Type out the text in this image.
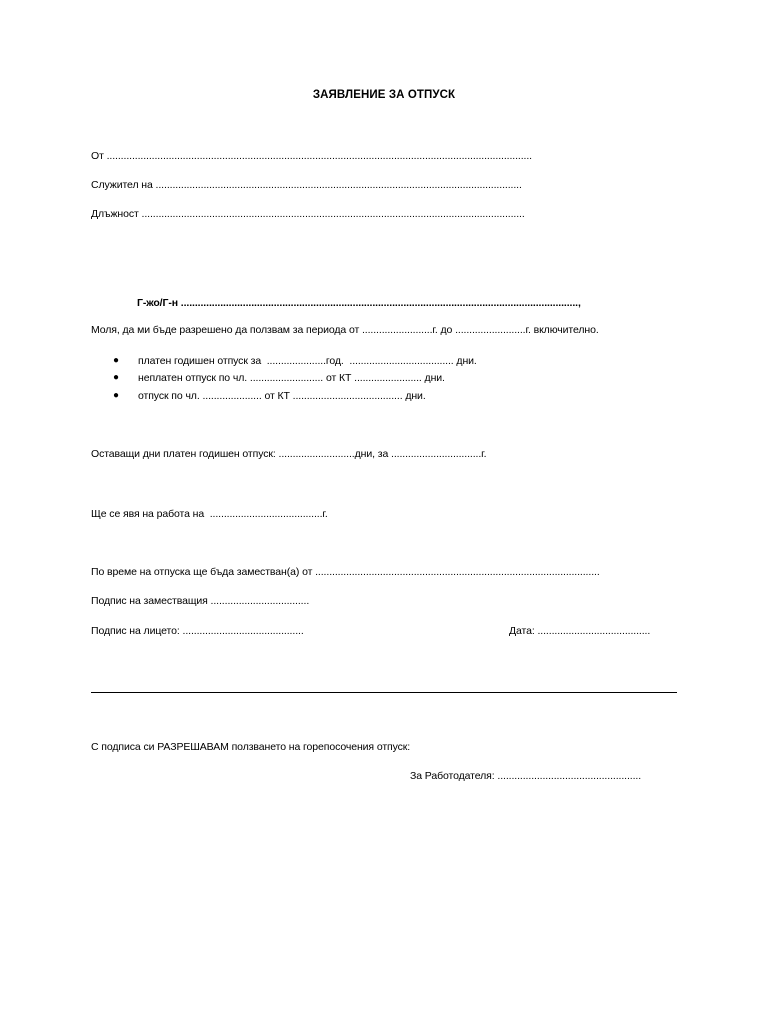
ЗАЯВЛЕНИЕ ЗА ОТПУСК
От .......................................................................................................................................................
Служител на ..................................................................................................................................
Длъжност ........................................................................................................................................
Г-жо/Г-н .............................................................................................................................................,
Моля, да ми бъде разрешено да ползвам за периода от .........................г. до .........................г. включително.
● платен годишен отпуск за  .....................год.  ..................................... дни.
● неплатен отпуск по чл. .......................... от КТ ........................ дни.
● отпуск по чл. ..................... от КТ ....................................... дни.
Оставащи дни платен годишен отпуск: ...........................дни, за ................................г.
Ще се явя на работа на  ........................................г.
По време на отпуска ще бъда заместван(а) от .....................................................................................................
Подпис на заместващия ...................................
Подпис на лицето: ...........................................	Дата: ........................................
С подписа си РАЗРЕШАВАМ ползването на горепосочения отпуск:
За Работодателя: ...................................................
